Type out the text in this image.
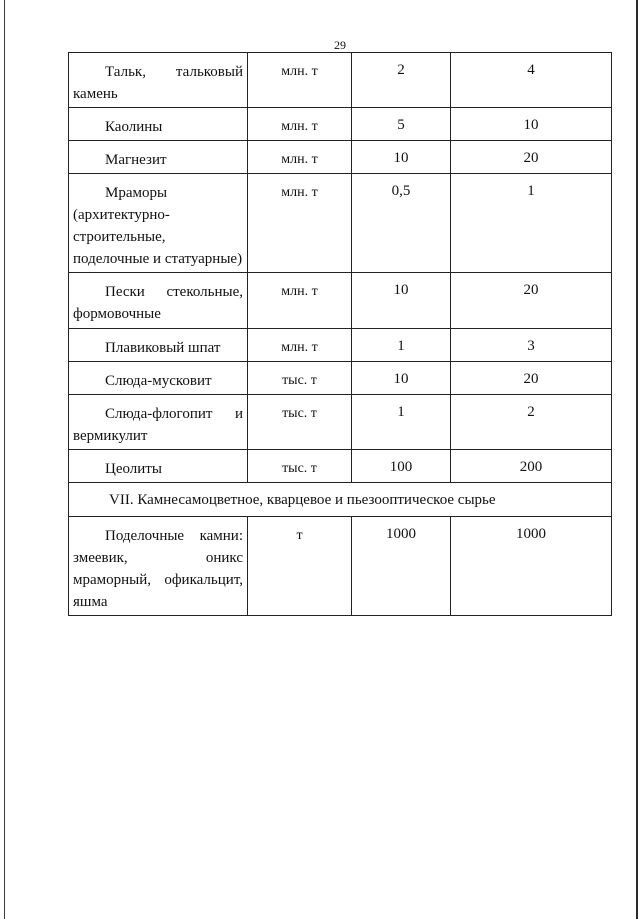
29
Тальк, тальковый камень	млн. т	2	4

Каолины	млн. т	5	10

Магнезит	млн. т	10	20

Мраморы (архитектурно-строительные, поделочные и статуарные)	млн. т	0,5	1

Пески стекольные, формовочные	млн. т	10	20

Плавиковый шпат	млн. т	1	3

Слюда-мусковит	тыс. т	10	20

Слюда-флогопит и вермикулит	тыс. т	1	2

Цеолиты	тыс. т	100	200

VII. Камнесамоцветное, кварцевое и пьезооптическое сырье			

Поделочные камни: змеевик, оникс мраморный, офикальцит, яшма	т	1000	1000
